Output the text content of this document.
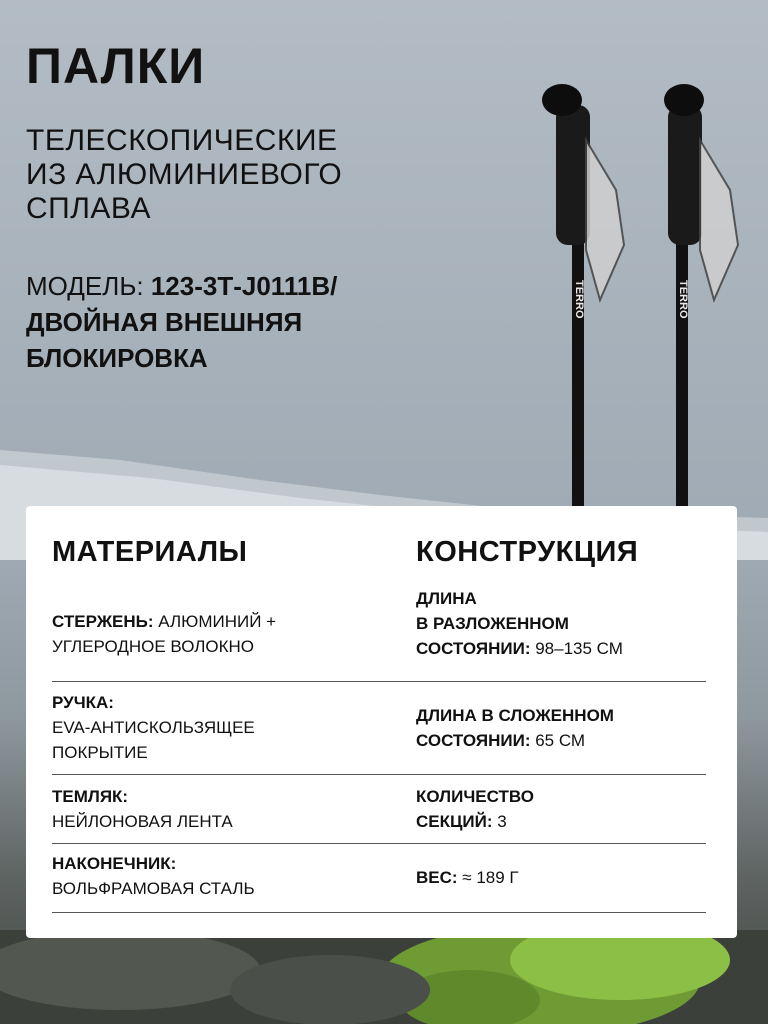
ПАЛКИ
ТЕЛЕСКОПИЧЕСКИЕ
ИЗ АЛЮМИНИЕВОГО
СПЛАВА
МОДЕЛЬ: 123-3Т-J0111B/
ДВОЙНАЯ ВНЕШНЯЯ
БЛОКИРОВКА
TERRO	TERRO
МАТЕРИАЛЫ
СТЕРЖЕНЬ: АЛЮМИНИЙ +
УГЛЕРОДНОЕ ВОЛОКНО
РУЧКА:
EVA-АНТИСКОЛЬЗЯЩЕЕ
ПОКРЫТИЕ
ТЕМЛЯК:
НЕЙЛОНОВАЯ ЛЕНТА
НАКОНЕЧНИК:
ВОЛЬФРАМОВАЯ СТАЛЬ
КОНСТРУКЦИЯ
ДЛИНА
В РАЗЛОЖЕННОМ
СОСТОЯНИИ: 98–135 СМ
ДЛИНА В СЛОЖЕННОМ
СОСТОЯНИИ: 65 СМ
КОЛИЧЕСТВО
СЕКЦИЙ: 3
ВЕС: ≈ 189 Г
